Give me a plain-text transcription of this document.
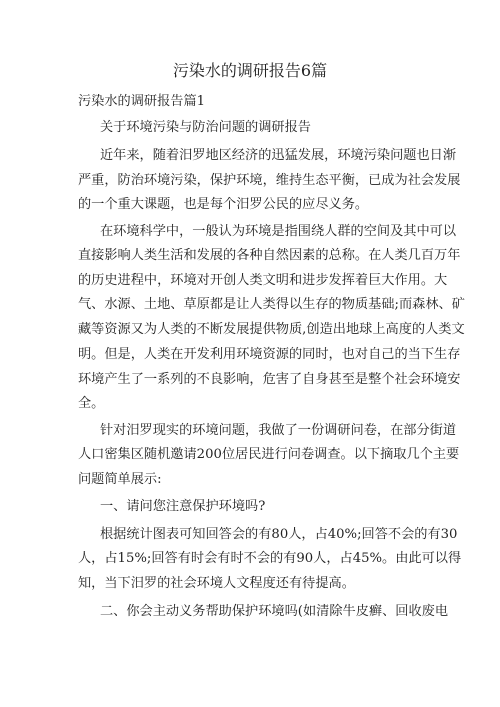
污染水的调研报告6篇
污染水的调研报告篇1
关于环境污染与防治问题的调研报告
近年来，随着汨罗地区经济的迅猛发展，环境污染问题也日渐
严重，防治环境污染，保护环境，维持生态平衡，已成为社会发展
的一个重大课题，也是每个汨罗公民的应尽义务。
在环境科学中，一般认为环境是指围绕人群的空间及其中可以
直接影响人类生活和发展的各种自然因素的总称。在人类几百万年
的历史进程中，环境对开创人类文明和进步发挥着巨大作用。大
气、水源、土地、草原都是让人类得以生存的物质基础;而森林、矿
藏等资源又为人类的不断发展提供物质,创造出地球上高度的人类文
明。但是，人类在开发利用环境资源的同时，也对自己的当下生存
环境产生了一系列的不良影响，危害了自身甚至是整个社会环境安
全。
针对汨罗现实的环境问题，我做了一份调研问卷，在部分街道
人口密集区随机邀请200位居民进行问卷调查。以下摘取几个主要
问题简单展示:
一、请问您注意保护环境吗?
根据统计图表可知回答会的有80人，占40%;回答不会的有30
人，占15%;回答有时会有时不会的有90人，占45%。由此可以得
知，当下汨罗的社会环境人文程度还有待提高。
二、你会主动义务帮助保护环境吗(如清除牛皮癣、回收废电
